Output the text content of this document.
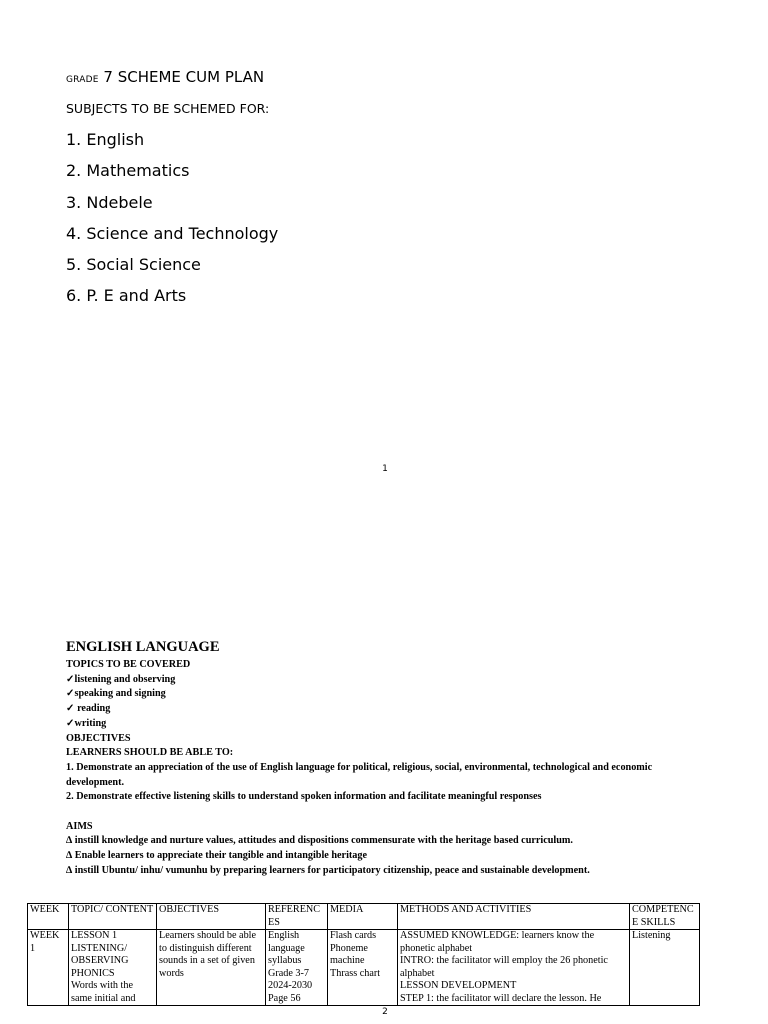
GRADE 7 SCHEME CUM PLAN
SUBJECTS TO BE SCHEMED FOR:
1. English
2. Mathematics
3. Ndebele
4. Science and Technology
5. Social Science
6. P. E and Arts
1
ENGLISH LANGUAGE
TOPICS TO BE COVERED
✓listening and observing
✓speaking and signing
✓ reading
✓writing
OBJECTIVES
LEARNERS SHOULD BE ABLE TO:
1. Demonstrate an appreciation of the use of English language for political, religious, social, environmental, technological and economic development.
2. Demonstrate effective listening skills to understand spoken information and facilitate meaningful responses
AIMS
∆ instill knowledge and nurture values, attitudes and dispositions commensurate with the heritage based curriculum.
∆ Enable learners to appreciate their tangible and intangible heritage
∆ instill Ubuntu/ inhu/ vumunhu by preparing learners for participatory citizenship, peace and sustainable development.
WEEK	TOPIC/ CONTENT	OBJECTIVES	REFERENCES	MEDIA	METHODS AND ACTIVITIES	COMPETENCE SKILLS
WEEK 1	LESSON 1
LISTENING/ OBSERVING
PHONICS
Words with the same initial and	Learners should be able to distinguish different sounds in a set of given words	English language syllabus
Grade 3-7
2024-2030
Page 56	Flash cards
Phoneme machine
Thrass chart	ASSUMED KNOWLEDGE: learners know the phonetic alphabet
INTRO: the facilitator will employ the 26 phonetic alphabet
LESSON DEVELOPMENT
STEP 1: the facilitator will declare the lesson. He	Listening
2
